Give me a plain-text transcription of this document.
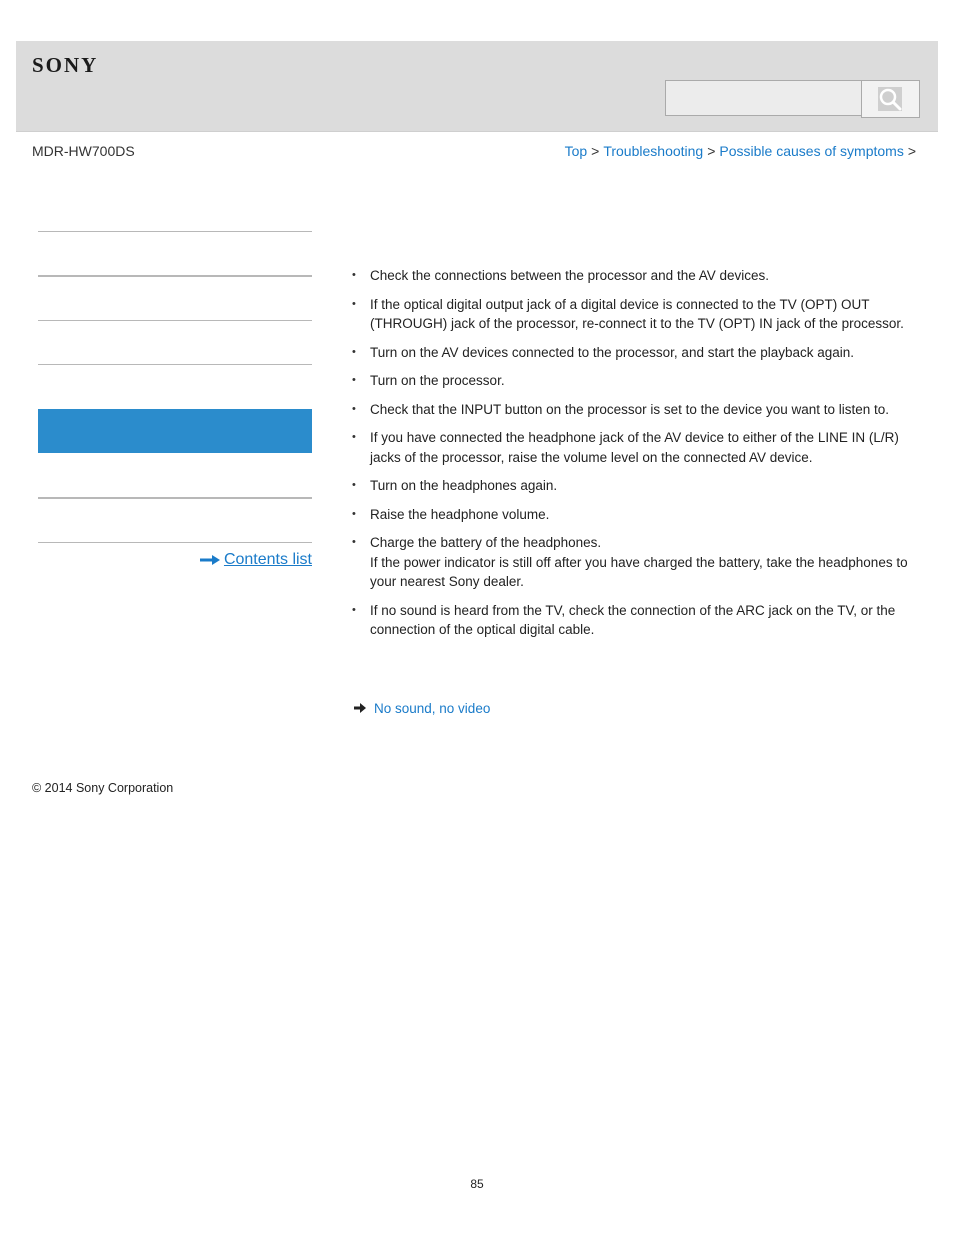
SONY
MDR-HW700DS	Top > Troubleshooting > Possible causes of symptoms >
Contents list
• Check the connections between the processor and the AV devices.
• If the optical digital output jack of a digital device is connected to the TV (OPT) OUT (THROUGH) jack of the processor, re-connect it to the TV (OPT) IN jack of the processor.
• Turn on the AV devices connected to the processor, and start the playback again.
• Turn on the processor.
• Check that the INPUT button on the processor is set to the device you want to listen to.
• If you have connected the headphone jack of the AV device to either of the LINE IN (L/R) jacks of the processor, raise the volume level on the connected AV device.
• Turn on the headphones again.
• Raise the headphone volume.
• Charge the battery of the headphones.
If the power indicator is still off after you have charged the battery, take the headphones to your nearest Sony dealer.
• If no sound is heard from the TV, check the connection of the ARC jack on the TV, or the connection of the optical digital cable.
No sound, no video
© 2014 Sony Corporation
85
